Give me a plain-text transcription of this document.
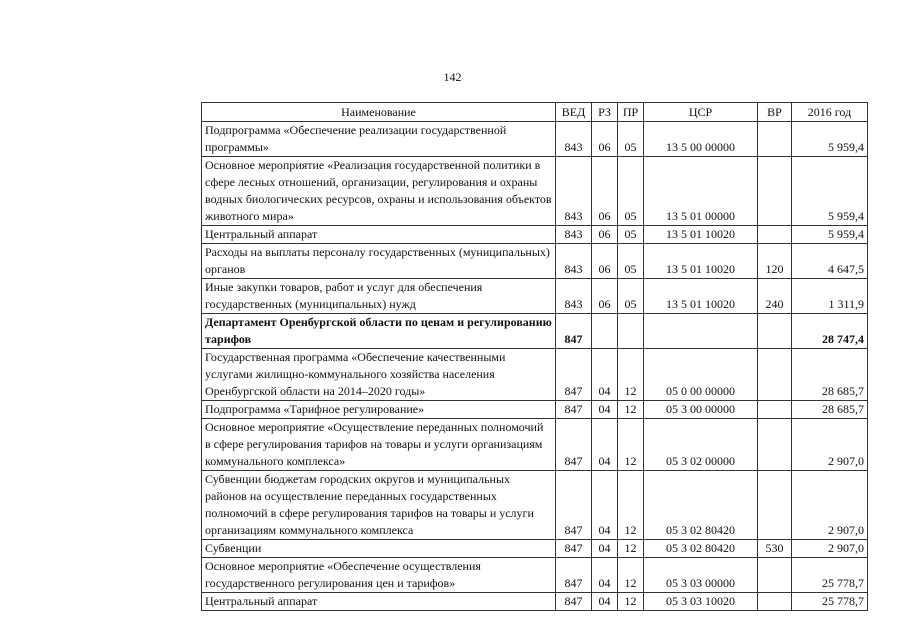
142
Наименование	ВЕД	РЗ	ПР	ЦСР	ВР	2016 год
Подпрограмма «Обеспечение реализации государственной программы»	843	06	05	13 5 00 00000		5 959,4
Основное мероприятие «Реализация государственной политики в сфере лесных отношений, организации, регулирования и охраны водных биологических ресурсов, охраны и использования объектов животного мира»	843	06	05	13 5 01 00000		5 959,4
Центральный аппарат	843	06	05	13 5 01 10020		5 959,4
Расходы на выплаты персоналу государственных (муниципальных) органов	843	06	05	13 5 01 10020	120	4 647,5
Иные закупки товаров, работ и услуг для обеспечения государственных (муниципальных) нужд	843	06	05	13 5 01 10020	240	1 311,9
Департамент Оренбургской области по ценам и регулированию тарифов	847					28 747,4
Государственная программа «Обеспечение качественными услугами жилищно-коммунального хозяйства населения Оренбургской области на 2014–2020 годы»	847	04	12	05 0 00 00000		28 685,7
Подпрограмма «Тарифное регулирование»	847	04	12	05 3 00 00000		28 685,7
Основное мероприятие «Осуществление переданных полномочий в сфере регулирования тарифов на товары и услуги организациям коммунального комплекса»	847	04	12	05 3 02 00000		2 907,0
Субвенции бюджетам городских округов и муниципальных районов на осуществление переданных государственных полномочий в сфере регулирования тарифов на товары и услуги организациям коммунального комплекса	847	04	12	05 3 02 80420		2 907,0
Субвенции	847	04	12	05 3 02 80420	530	2 907,0
Основное мероприятие «Обеспечение осуществления государственного регулирования цен и тарифов»	847	04	12	05 3 03 00000		25 778,7
Центральный аппарат	847	04	12	05 3 03 10020		25 778,7
